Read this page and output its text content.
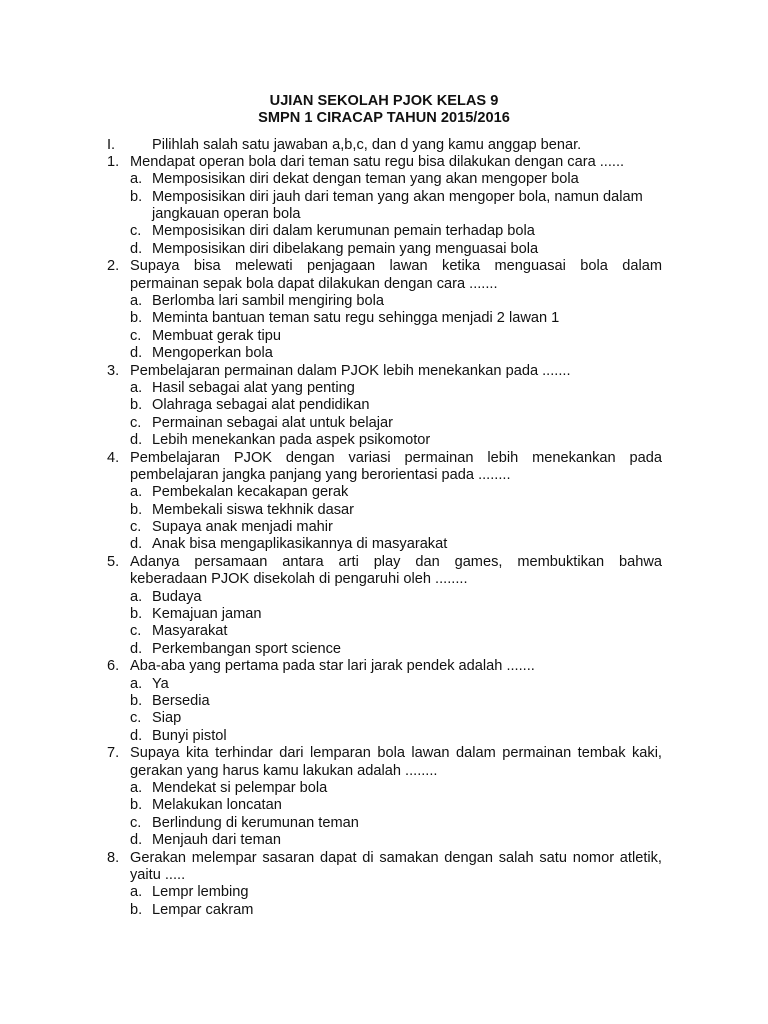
UJIAN SEKOLAH PJOK KELAS 9
SMPN 1 CIRACAP TAHUN 2015/2016
I.	Pilihlah salah satu jawaban a,b,c, dan d yang kamu anggap benar.
1. Mendapat operan bola dari teman satu regu bisa dilakukan dengan cara ......
a. Memposisikan diri dekat dengan teman yang akan mengoper bola
b. Memposisikan diri jauh dari teman yang akan mengoper bola, namun dalam
jangkauan operan bola
c. Memposisikan diri dalam kerumunan pemain terhadap bola
d. Memposisikan diri dibelakang pemain yang menguasai bola
2. Supaya bisa melewati penjagaan lawan ketika menguasai bola dalam
permainan sepak bola dapat dilakukan dengan cara .......
a. Berlomba lari sambil mengiring bola
b. Meminta bantuan teman satu regu sehingga menjadi 2 lawan 1
c. Membuat gerak tipu
d. Mengoperkan bola
3. Pembelajaran permainan dalam PJOK lebih menekankan pada .......
a. Hasil sebagai alat yang penting
b. Olahraga sebagai alat pendidikan
c. Permainan sebagai alat untuk belajar
d. Lebih menekankan pada aspek psikomotor
4. Pembelajaran PJOK dengan variasi permainan lebih menekankan pada
pembelajaran jangka panjang yang berorientasi pada ........
a. Pembekalan kecakapan gerak
b. Membekali siswa tekhnik dasar
c. Supaya anak menjadi mahir
d. Anak bisa mengaplikasikannya di masyarakat
5. Adanya persamaan antara arti play dan games, membuktikan bahwa
keberadaan PJOK disekolah di pengaruhi oleh ........
a. Budaya
b. Kemajuan jaman
c. Masyarakat
d. Perkembangan sport science
6. Aba-aba yang pertama pada star lari jarak pendek adalah .......
a. Ya
b. Bersedia
c. Siap
d. Bunyi pistol
7. Supaya kita terhindar dari lemparan bola lawan dalam permainan tembak kaki,
gerakan yang harus kamu lakukan adalah ........
a. Mendekat si pelempar bola
b. Melakukan loncatan
c. Berlindung di kerumunan teman
d. Menjauh dari teman
8. Gerakan melempar sasaran dapat di samakan dengan salah satu nomor atletik,
yaitu .....
a. Lempr lembing
b. Lempar cakram
